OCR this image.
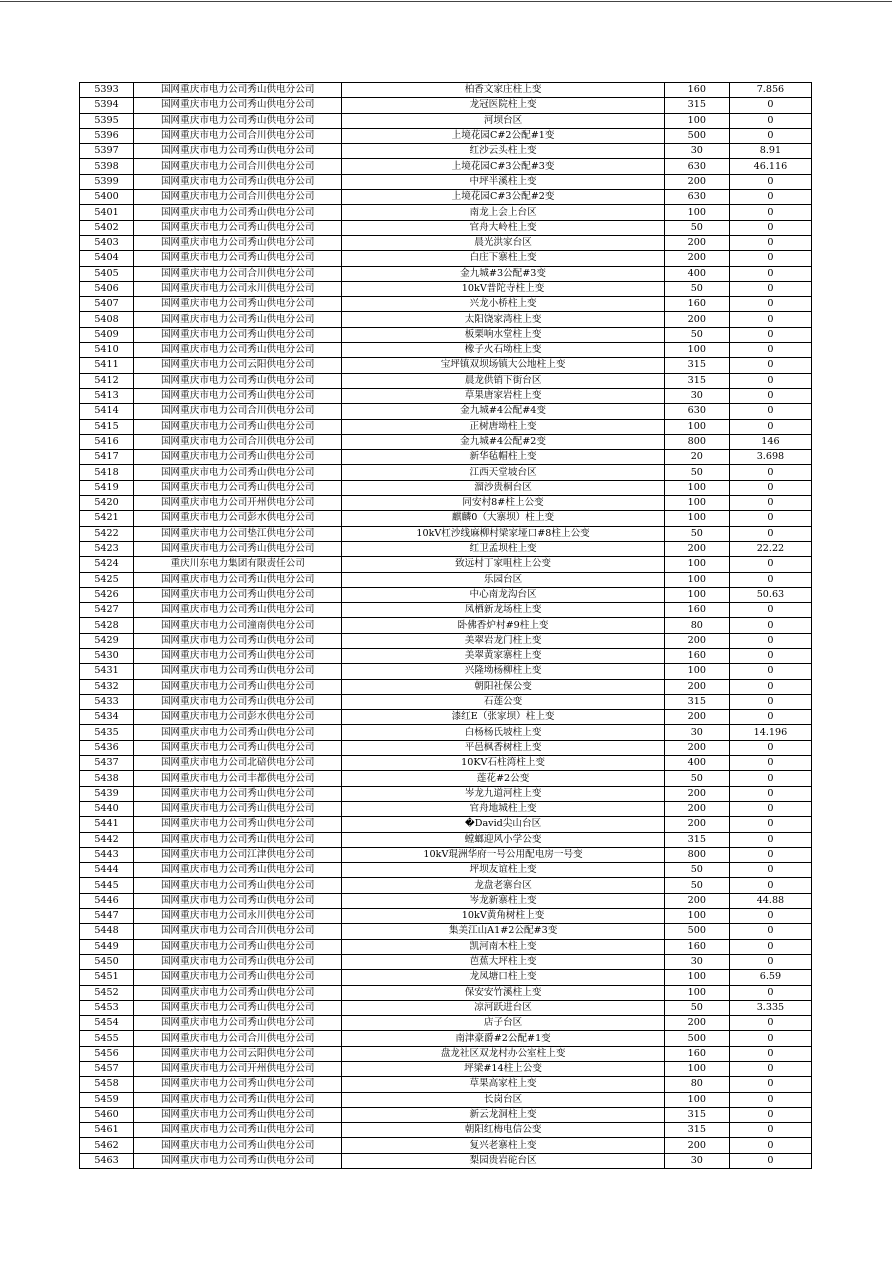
5393	国网重庆市电力公司秀山供电分公司	柏香文家庄柱上变	160	7.856
5394	国网重庆市电力公司秀山供电分公司	龙冠医院柱上变	315	0
5395	国网重庆市电力公司秀山供电分公司	河坝台区	100	0
5396	国网重庆市电力公司合川供电分公司	上境花园C#2公配#1变	500	0
5397	国网重庆市电力公司秀山供电分公司	红沙云头柱上变	30	8.91
5398	国网重庆市电力公司合川供电分公司	上境花园C#3公配#3变	630	46.116
5399	国网重庆市电力公司秀山供电分公司	中坪半溪柱上变	200	0
5400	国网重庆市电力公司合川供电分公司	上境花园C#3公配#2变	630	0
5401	国网重庆市电力公司秀山供电分公司	南龙上会上台区	100	0
5402	国网重庆市电力公司秀山供电分公司	官舟大岭柱上变	50	0
5403	国网重庆市电力公司秀山供电分公司	晨光洪家台区	200	0
5404	国网重庆市电力公司秀山供电分公司	白庄下寨柱上变	200	0
5405	国网重庆市电力公司合川供电分公司	金九城#3公配#3变	400	0
5406	国网重庆市电力公司永川供电分公司	10kV普陀寺柱上变	50	0
5407	国网重庆市电力公司秀山供电分公司	兴龙小桥柱上变	160	0
5408	国网重庆市电力公司秀山供电分公司	太阳饶家湾柱上变	200	0
5409	国网重庆市电力公司秀山供电分公司	板栗响水堂柱上变	50	0
5410	国网重庆市电力公司秀山供电分公司	橡子火石坳柱上变	100	0
5411	国网重庆市电力公司云阳供电分公司	宝坪镇双坝场镇大公地柱上变	315	0
5412	国网重庆市电力公司秀山供电分公司	晨龙供销下街台区	315	0
5413	国网重庆市电力公司秀山供电分公司	草果唐家岩柱上变	30	0
5414	国网重庆市电力公司合川供电分公司	金九城#4公配#4变	630	0
5415	国网重庆市电力公司秀山供电分公司	正树唐坳柱上变	100	0
5416	国网重庆市电力公司合川供电分公司	金九城#4公配#2变	800	146
5417	国网重庆市电力公司秀山供电分公司	新华毡帽柱上变	20	3.698
5418	国网重庆市电力公司秀山供电分公司	江西天堂坡台区	50	0
5419	国网重庆市电力公司秀山供电分公司	溜沙贵桐台区	100	0
5420	国网重庆市电力公司开州供电分公司	同安村8#柱上公变	100	0
5421	国网重庆市电力公司彭水供电分公司	麒麟0（大寨坝）柱上变	100	0
5422	国网重庆市电力公司垫江供电分公司	10kV杠沙线麻柳村梁家垭口#8柱上公变	50	0
5423	国网重庆市电力公司秀山供电分公司	红卫孟坝柱上变	200	22.22
5424	重庆川东电力集团有限责任公司	致远村丁家咀柱上公变	100	0
5425	国网重庆市电力公司秀山供电分公司	乐园台区	100	0
5426	国网重庆市电力公司秀山供电分公司	中心南龙沟台区	100	50.63
5427	国网重庆市电力公司秀山供电分公司	凤栖新龙场柱上变	160	0
5428	国网重庆市电力公司潼南供电分公司	卧佛香炉村#9柱上变	80	0
5429	国网重庆市电力公司秀山供电分公司	美翠岩龙门柱上变	200	0
5430	国网重庆市电力公司秀山供电分公司	美翠黄家寨柱上变	160	0
5431	国网重庆市电力公司秀山供电分公司	兴隆坳杨柳柱上变	100	0
5432	国网重庆市电力公司秀山供电分公司	朝阳社保公变	200	0
5433	国网重庆市电力公司秀山供电分公司	石莲公变	315	0
5434	国网重庆市电力公司彭水供电分公司	漆红E（张家坝）柱上变	200	0
5435	国网重庆市电力公司秀山供电分公司	白杨杨氏坡柱上变	30	14.196
5436	国网重庆市电力公司秀山供电分公司	平邑枫香树柱上变	200	0
5437	国网重庆市电力公司北碚供电分公司	10KV石柱湾柱上变	400	0
5438	国网重庆市电力公司丰都供电分公司	莲花#2公变	50	0
5439	国网重庆市电力公司秀山供电分公司	岑龙九道河柱上变	200	0
5440	国网重庆市电力公司秀山供电分公司	官舟地城柱上变	200	0
5441	国网重庆市电力公司秀山供电分公司	�David尖山台区	200	0
5442	国网重庆市电力公司秀山供电分公司	螳螂迎风小学公变	315	0
5443	国网重庆市电力公司江津供电分公司	10kV琨洲华府一号公用配电房一号变	800	0
5444	国网重庆市电力公司秀山供电分公司	坪坝友谊柱上变	50	0
5445	国网重庆市电力公司秀山供电分公司	龙盘老寨台区	50	0
5446	国网重庆市电力公司秀山供电分公司	岑龙新寨柱上变	200	44.88
5447	国网重庆市电力公司永川供电分公司	10kV黄角树柱上变	100	0
5448	国网重庆市电力公司合川供电分公司	集美江山A1#2公配#3变	500	0
5449	国网重庆市电力公司秀山供电分公司	凯河南木柱上变	160	0
5450	国网重庆市电力公司秀山供电分公司	芭蕉大坪柱上变	30	0
5451	国网重庆市电力公司秀山供电分公司	龙凤塘口柱上变	100	6.59
5452	国网重庆市电力公司秀山供电分公司	保安安竹溪柱上变	100	0
5453	国网重庆市电力公司秀山供电分公司	凉河跃进台区	50	3.335
5454	国网重庆市电力公司秀山供电分公司	店子台区	200	0
5455	国网重庆市电力公司合川供电分公司	南津豪爵#2公配#1变	500	0
5456	国网重庆市电力公司云阳供电分公司	盘龙社区双龙村办公室柱上变	160	0
5457	国网重庆市电力公司开州供电分公司	坪梁#14柱上公变	100	0
5458	国网重庆市电力公司秀山供电分公司	草果高家柱上变	80	0
5459	国网重庆市电力公司秀山供电分公司	长岗台区	100	0
5460	国网重庆市电力公司秀山供电分公司	新云龙洞柱上变	315	0
5461	国网重庆市电力公司秀山供电分公司	朝阳红梅电信公变	315	0
5462	国网重庆市电力公司秀山供电分公司	复兴老寨柱上变	200	0
5463	国网重庆市电力公司秀山供电分公司	梨园贵岩砣台区	30	0
